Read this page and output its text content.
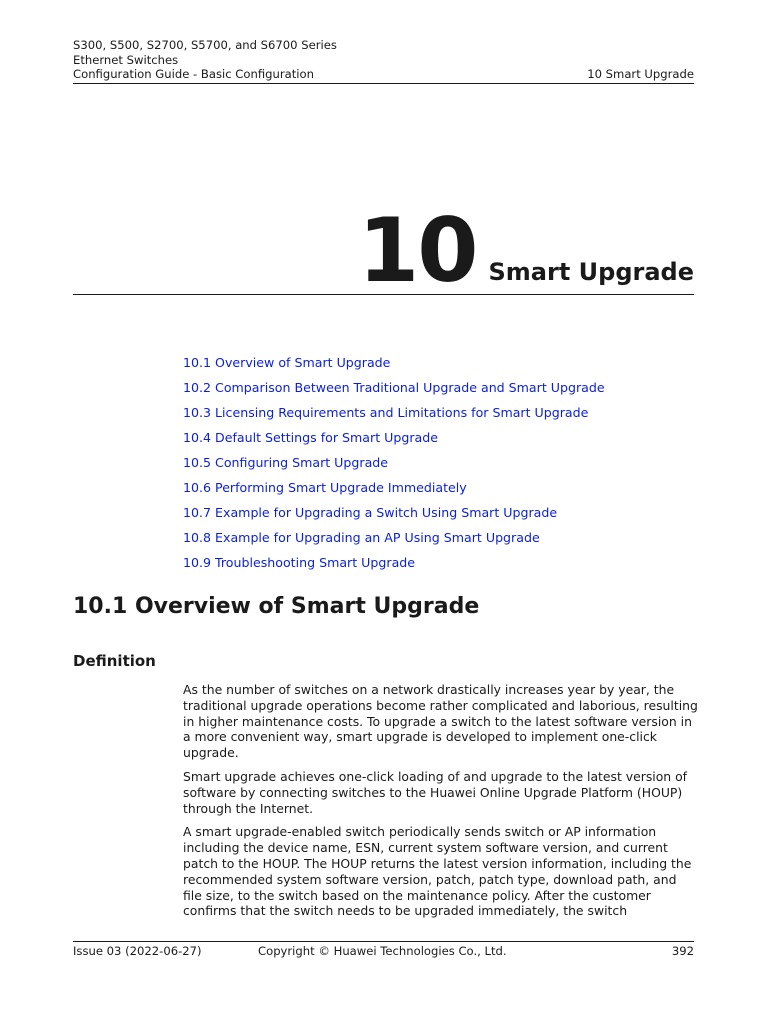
S300, S500, S2700, S5700, and S6700 Series
Ethernet Switches
Configuration Guide - Basic Configuration	10 Smart Upgrade
10 Smart Upgrade
10.1 Overview of Smart Upgrade
10.2 Comparison Between Traditional Upgrade and Smart Upgrade
10.3 Licensing Requirements and Limitations for Smart Upgrade
10.4 Default Settings for Smart Upgrade
10.5 Configuring Smart Upgrade
10.6 Performing Smart Upgrade Immediately
10.7 Example for Upgrading a Switch Using Smart Upgrade
10.8 Example for Upgrading an AP Using Smart Upgrade
10.9 Troubleshooting Smart Upgrade
10.1 Overview of Smart Upgrade
Definition

As the number of switches on a network drastically increases year by year, the traditional upgrade operations become rather complicated and laborious, resulting in higher maintenance costs. To upgrade a switch to the latest software version in a more convenient way, smart upgrade is developed to implement one-click upgrade.

Smart upgrade achieves one-click loading of and upgrade to the latest version of software by connecting switches to the Huawei Online Upgrade Platform (HOUP) through the Internet.

A smart upgrade-enabled switch periodically sends switch or AP information including the device name, ESN, current system software version, and current patch to the HOUP. The HOUP returns the latest version information, including the recommended system software version, patch, patch type, download path, and file size, to the switch based on the maintenance policy. After the customer confirms that the switch needs to be upgraded immediately, the switch

Issue 03 (2022-06-27)	Copyright © Huawei Technologies Co., Ltd.	392
